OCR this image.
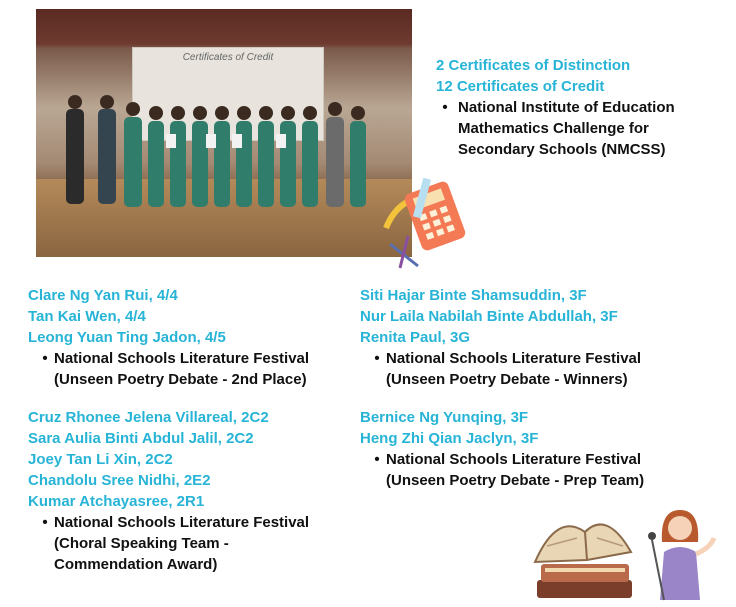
Certificates of Credit	2 Certificates of Distinction
12 Certificates of Credit
• National Institute of Education
Mathematics Challenge for
Secondary Schools (NMCSS)
Clare Ng Yan Rui, 4/4
Tan Kai Wen, 4/4
Leong Yuan Ting Jadon, 4/5
• National Schools Literature Festival
(Unseen Poetry Debate - 2nd Place)
Siti Hajar Binte Shamsuddin, 3F
Nur Laila Nabilah Binte Abdullah, 3F
Renita Paul, 3G
• National Schools Literature Festival
(Unseen Poetry Debate - Winners)
Cruz Rhonee Jelena Villareal, 2C2
Sara Aulia Binti Abdul Jalil, 2C2
Joey Tan Li Xin, 2C2
Chandolu Sree Nidhi, 2E2
Kumar Atchayasree, 2R1
• National Schools Literature Festival
(Choral Speaking Team -
Commendation Award)
Bernice Ng Yunqing, 3F
Heng Zhi Qian Jaclyn, 3F
• National Schools Literature Festival
(Unseen Poetry Debate - Prep Team)
